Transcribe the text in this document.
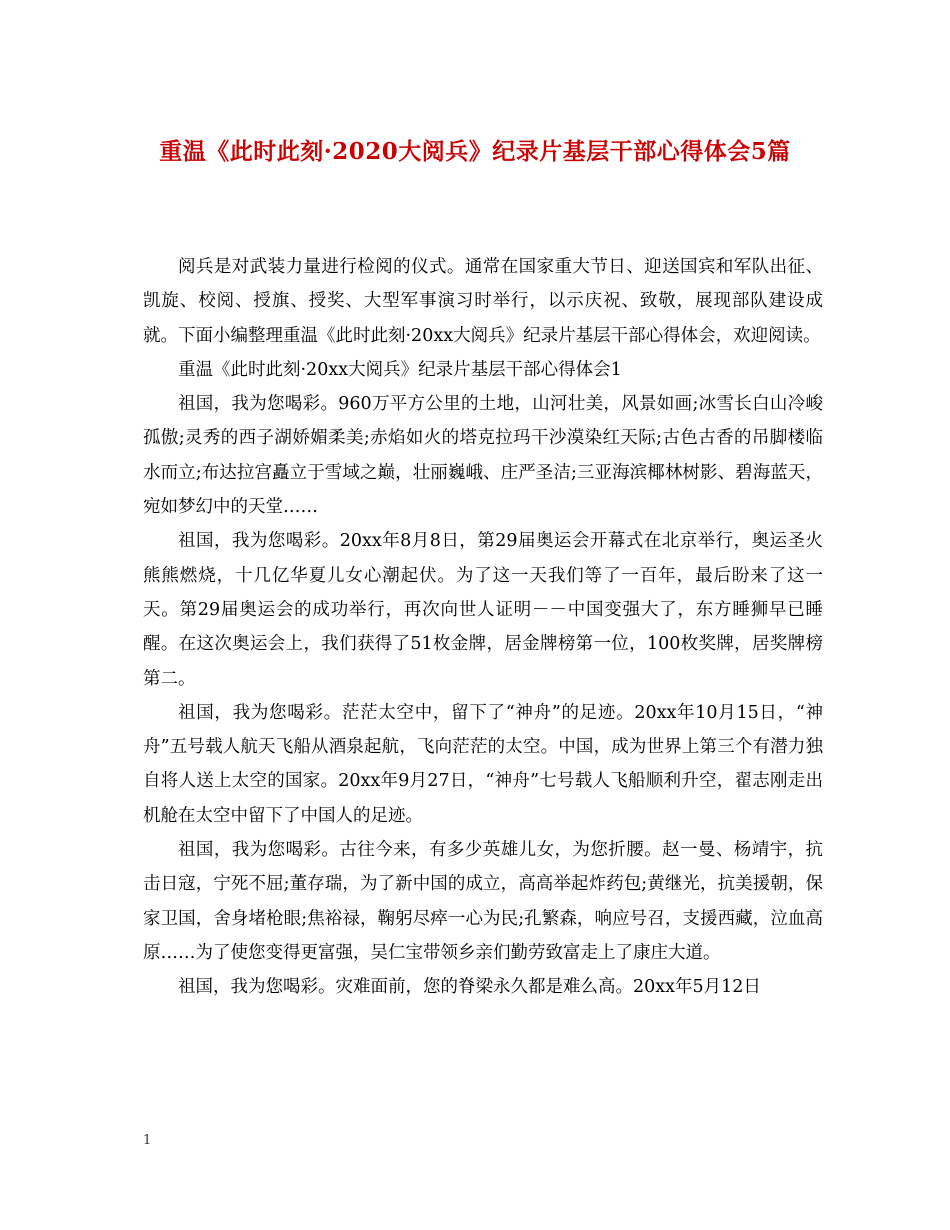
重温《此时此刻·2020大阅兵》纪录片基层干部心得体会5篇

阅兵是对武装力量进行检阅的仪式。通常在国家重大节日、迎送国宾和军队出征、凯旋、校阅、授旗、授奖、大型军事演习时举行，以示庆祝、致敬，展现部队建设成就。下面小编整理重温《此时此刻·20xx大阅兵》纪录片基层干部心得体会，欢迎阅读。

重温《此时此刻·20xx大阅兵》纪录片基层干部心得体会1

祖国，我为您喝彩。960万平方公里的土地，山河壮美，风景如画;冰雪长白山冷峻孤傲;灵秀的西子湖娇媚柔美;赤焰如火的塔克拉玛干沙漠染红天际;古色古香的吊脚楼临水而立;布达拉宫矗立于雪域之巅，壮丽巍峨、庄严圣洁;三亚海滨椰林树影、碧海蓝天，宛如梦幻中的天堂……

祖国，我为您喝彩。20xx年8月8日，第29届奥运会开幕式在北京举行，奥运圣火熊熊燃烧，十几亿华夏儿女心潮起伏。为了这一天我们等了一百年，最后盼来了这一天。第29届奥运会的成功举行，再次向世人证明－－中国变强大了，东方睡狮早已睡醒。在这次奥运会上，我们获得了51枚金牌，居金牌榜第一位，100枚奖牌，居奖牌榜第二。

祖国，我为您喝彩。茫茫太空中，留下了“神舟”的足迹。20xx年10月15日，“神舟”五号载人航天飞船从酒泉起航，飞向茫茫的太空。中国，成为世界上第三个有潜力独自将人送上太空的国家。20xx年9月27日，“神舟”七号载人飞船顺利升空，翟志刚走出机舱在太空中留下了中国人的足迹。

祖国，我为您喝彩。古往今来，有多少英雄儿女，为您折腰。赵一曼、杨靖宇，抗击日寇，宁死不屈;董存瑞，为了新中国的成立，高高举起炸药包;黄继光，抗美援朝，保家卫国，舍身堵枪眼;焦裕禄，鞠躬尽瘁一心为民;孔繁森，响应号召，支援西藏，泣血高原……为了使您变得更富强，吴仁宝带领乡亲们勤劳致富走上了康庄大道。

祖国，我为您喝彩。灾难面前，您的脊梁永久都是难么高。20xx年5月12日

1
